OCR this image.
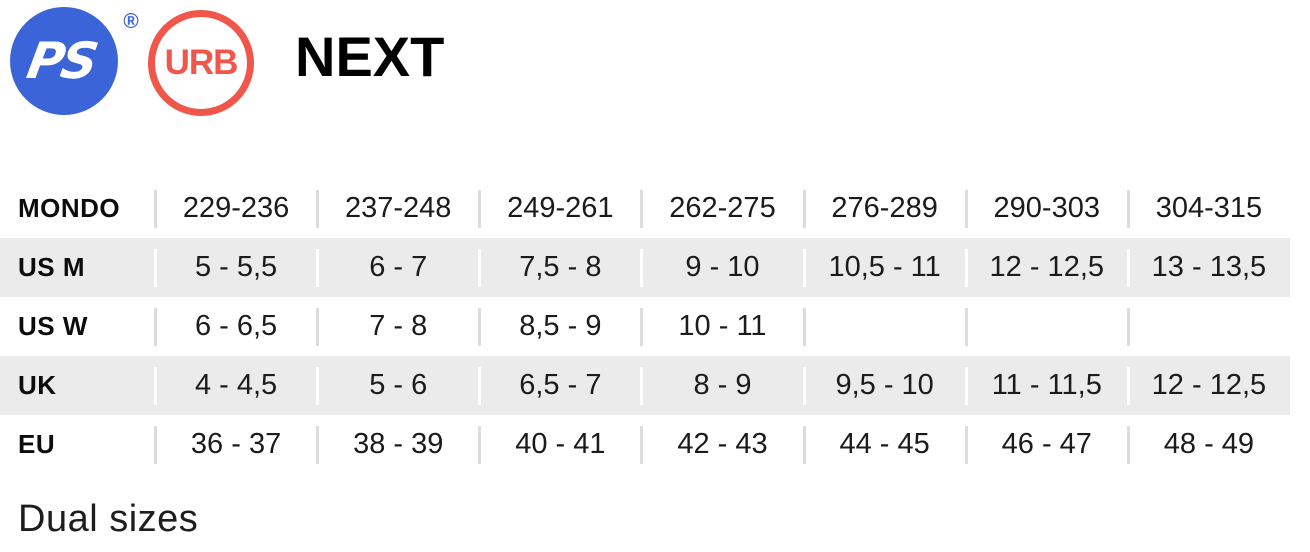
PS
®
URB NEXT
MONDO	229-236	237-248	249-261	262-275	276-289	290-303	304-315
US M	5 - 5,5	6 - 7	7,5 - 8	9 - 10	10,5 - 11	12 - 12,5	13 - 13,5
US W	6 - 6,5	7 - 8	8,5 - 9	10 - 11
UK	4 - 4,5	5 - 6	6,5 - 7	8 - 9	9,5 - 10	11 - 11,5	12 - 12,5
EU	36 - 37	38 - 39	40 - 41	42 - 43	44 - 45	46 - 47	48 - 49
Dual sizes
